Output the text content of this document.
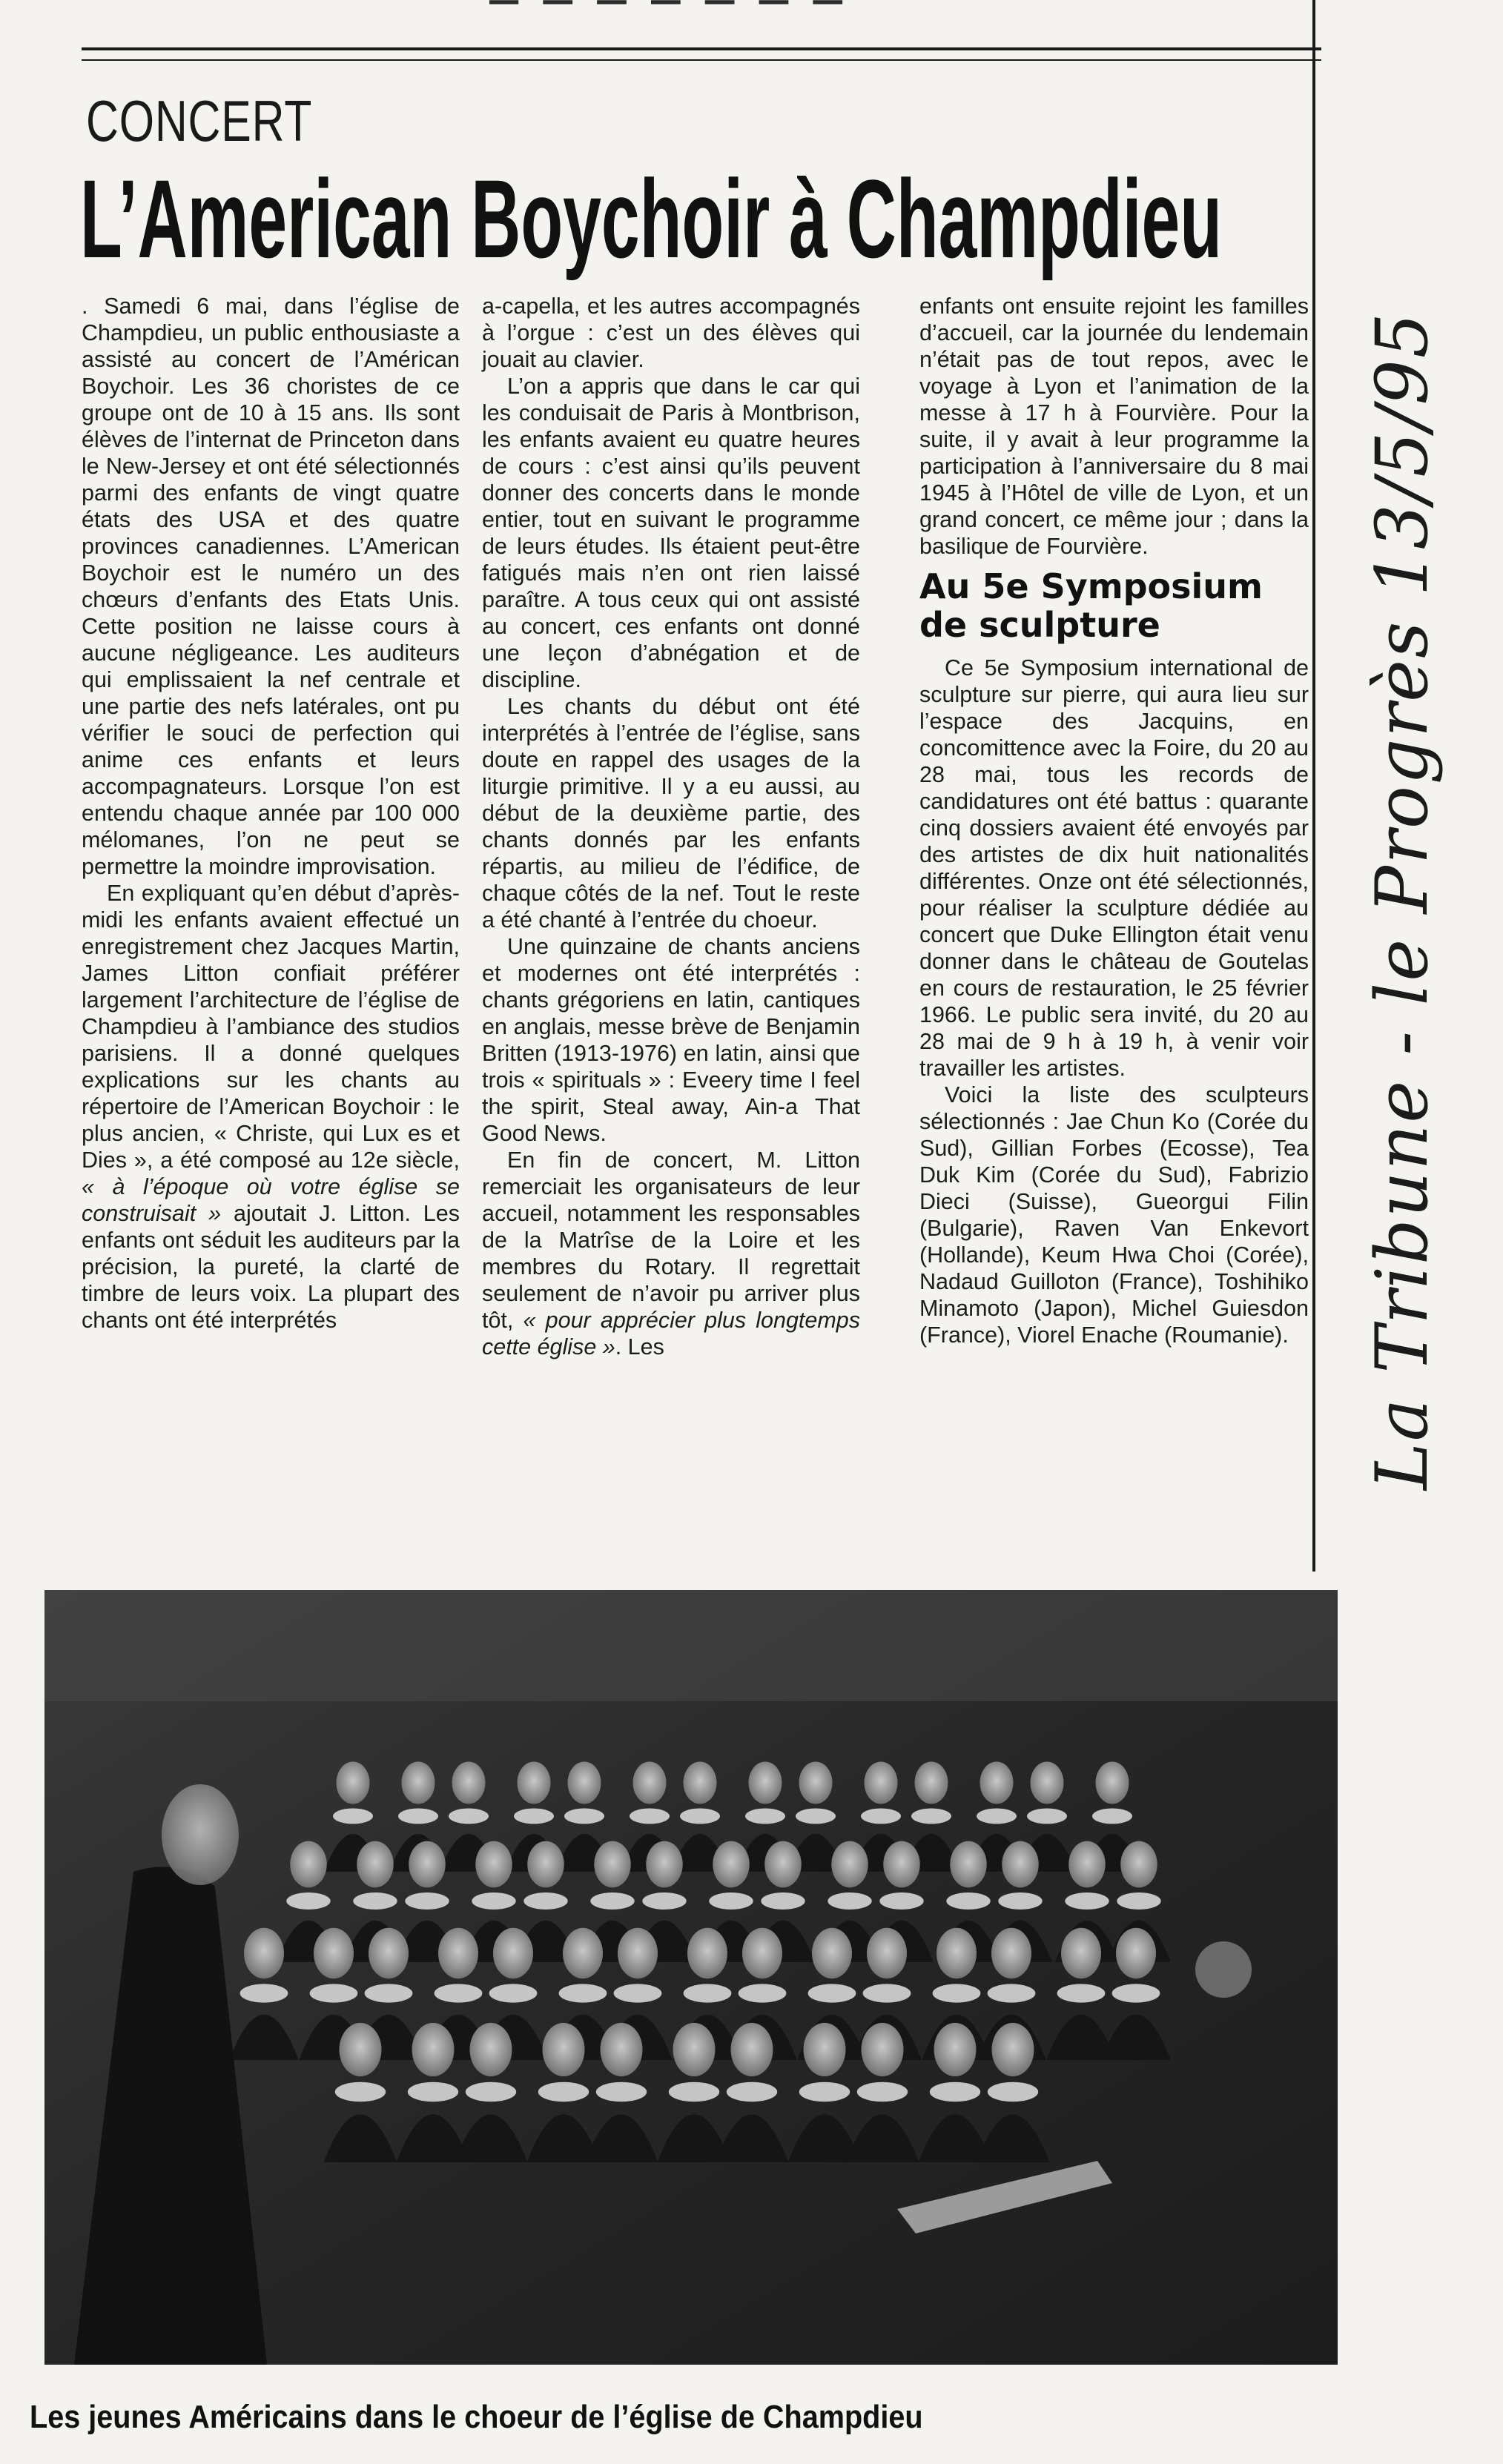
─ ─ ─ ─ ─ ─ ─
CONCERT
L’American Boychoir à Champdieu

. Samedi 6 mai, dans l’église de Champdieu, un public enthousiaste a assisté au concert de l’Américan Boychoir. Les 36 choristes de ce groupe ont de 10 à 15 ans. Ils sont élèves de l’internat de Princeton dans le New-Jersey et ont été sélectionnés parmi des enfants de vingt quatre états des USA et des quatre provinces canadiennes. L’American Boychoir est le numéro un des chœurs d’enfants des Etats Unis. Cette position ne laisse cours à aucune négligeance. Les auditeurs qui emplissaient la nef centrale et une partie des nefs latérales, ont pu vérifier le souci de perfection qui anime ces enfants et leurs accompagnateurs. Lorsque l’on est entendu chaque année par 100 000 mélomanes, l’on ne peut se permettre la moindre improvisation.

En expliquant qu’en début d’après-midi les enfants avaient effectué un enregistrement chez Jacques Martin, James Litton confiait préférer largement l’architecture de l’église de Champdieu à l’ambiance des studios parisiens. Il a donné quelques explications sur les chants au répertoire de l’American Boychoir : le plus ancien, « Christe, qui Lux es et Dies », a été composé au 12e siècle, « à l’époque où votre église se construisait » ajoutait J. Litton. Les enfants ont séduit les auditeurs par la précision, la pureté, la clarté de timbre de leurs voix. La plupart des chants ont été interprétés

a-capella, et les autres accompagnés à l’orgue : c’est un des élèves qui jouait au clavier.

L’on a appris que dans le car qui les conduisait de Paris à Montbrison, les enfants avaient eu quatre heures de cours : c’est ainsi qu’ils peuvent donner des concerts dans le monde entier, tout en suivant le programme de leurs études. Ils étaient peut-être fatigués mais n’en ont rien laissé paraître. A tous ceux qui ont assisté au concert, ces enfants ont donné une leçon d’abnégation et de discipline.

Les chants du début ont été interprétés à l’entrée de l’église, sans doute en rappel des usages de la liturgie primitive. Il y a eu aussi, au début de la deuxième partie, des chants donnés par les enfants répartis, au milieu de l’édifice, de chaque côtés de la nef. Tout le reste a été chanté à l’entrée du choeur.

Une quinzaine de chants anciens et modernes ont été interprétés : chants grégoriens en latin, cantiques en anglais, messe brève de Benjamin Britten (1913-1976) en latin, ainsi que trois « spirituals » : Eveery time I feel the spirit, Steal away, Ain-a That Good News.

En fin de concert, M. Litton remerciait les organisateurs de leur accueil, notamment les responsables de la Matrîse de la Loire et les membres du Rotary. Il regrettait seulement de n’avoir pu arriver plus tôt, « pour apprécier plus longtemps cette église ». Les

enfants ont ensuite rejoint les familles d’accueil, car la journée du lendemain n’était pas de tout repos, avec le voyage à Lyon et l’animation de la messe à 17 h à Fourvière. Pour la suite, il y avait à leur programme la participation à l’anniversaire du 8 mai 1945 à l’Hôtel de ville de Lyon, et un grand concert, ce même jour ; dans la basilique de Fourvière.

Au 5e Symposium de sculpture

Ce 5e Symposium international de sculpture sur pierre, qui aura lieu sur l’espace des Jacquins, en concomittence avec la Foire, du 20 au 28 mai, tous les records de candidatures ont été battus : quarante cinq dossiers avaient été envoyés par des artistes de dix huit nationalités différentes. Onze ont été sélectionnés, pour réaliser la sculpture dédiée au concert que Duke Ellington était venu donner dans le château de Goutelas en cours de restauration, le 25 février 1966. Le public sera invité, du 20 au 28 mai de 9 h à 19 h, à venir voir travailler les artistes.

Voici la liste des sculpteurs sélectionnés : Jae Chun Ko (Corée du Sud), Gillian Forbes (Ecosse), Tea Duk Kim (Corée du Sud), Fabrizio Dieci (Suisse), Gueorgui Filin (Bulgarie), Raven Van Enkevort (Hollande), Keum Hwa Choi (Corée), Nadaud Guilloton (France), Toshihiko Minamoto (Japon), Michel Guiesdon (France), Viorel Enache (Roumanie). La Tribune - le Progrès 13/5/95
Les jeunes Américains dans le choeur de l’église de Champdieu
